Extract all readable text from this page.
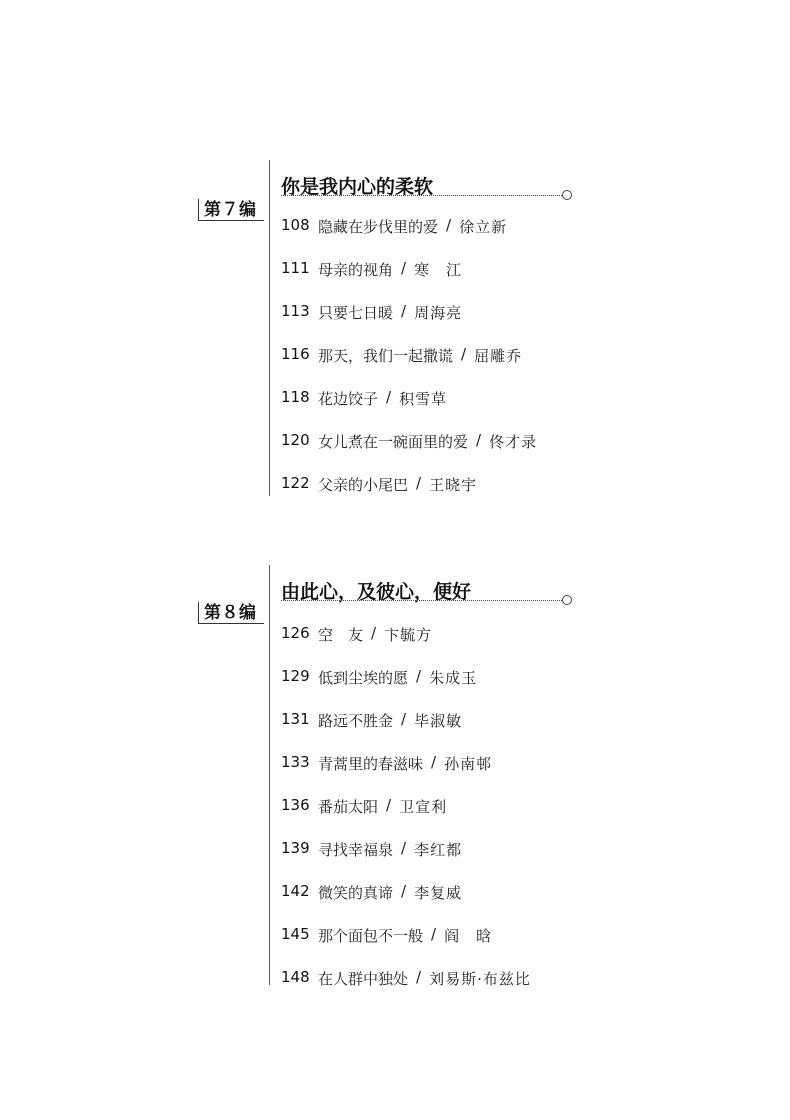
第７编
你是我内心的柔软
108 隐藏在步伐里的爱 / 徐立新
111 母亲的视角 / 寒　江
113 只要七日暖 / 周海亮
116 那天，我们一起撒谎 / 屈雕乔
118 花边饺子 / 积雪草
120 女儿煮在一碗面里的爱 / 佟才录
122 父亲的小尾巴 / 王晓宇
第８编
由此心，及彼心，便好
126 空　友 / 卞毓方
129 低到尘埃的愿 / 朱成玉
131 路远不胜金 / 毕淑敏
133 青蒿里的春滋味 / 孙南邨
136 番茄太阳 / 卫宣利
139 寻找幸福泉 / 李红都
142 微笑的真谛 / 李复威
145 那个面包不一般 / 阎　晗
148 在人群中独处 / 刘易斯·布兹比
